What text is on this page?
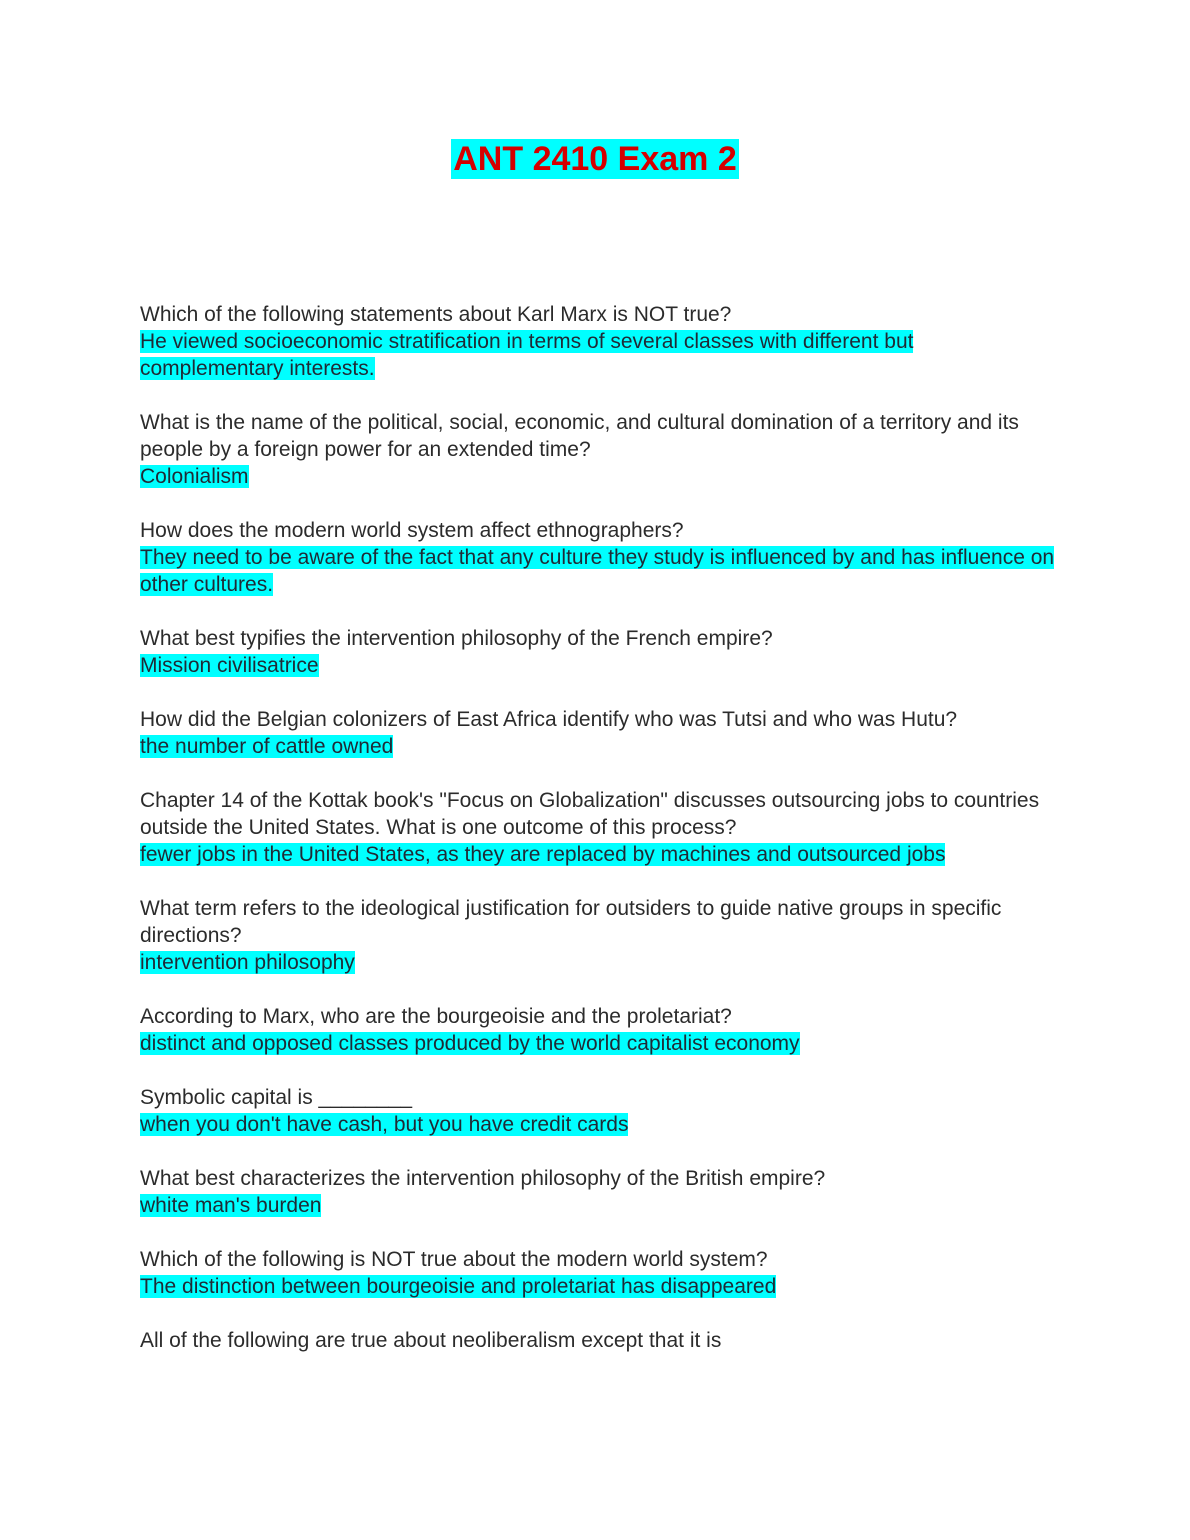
ANT 2410 Exam 2

Which of the following statements about Karl Marx is NOT true?

He viewed socioeconomic stratification in terms of several classes with different but complementary interests.

What is the name of the political, social, economic, and cultural domination of a territory and its people by a foreign power for an extended time?

Colonialism

How does the modern world system affect ethnographers?

They need to be aware of the fact that any culture they study is influenced by and has influence on other cultures.

What best typifies the intervention philosophy of the French empire?

Mission civilisatrice

How did the Belgian colonizers of East Africa identify who was Tutsi and who was Hutu?

the number of cattle owned

Chapter 14 of the Kottak book's "Focus on Globalization" discusses outsourcing jobs to countries outside the United States. What is one outcome of this process?

fewer jobs in the United States, as they are replaced by machines and outsourced jobs

What term refers to the ideological justification for outsiders to guide native groups in specific directions?

intervention philosophy

According to Marx, who are the bourgeoisie and the proletariat?

distinct and opposed classes produced by the world capitalist economy

Symbolic capital is ________

when you don't have cash, but you have credit cards

What best characterizes the intervention philosophy of the British empire?

white man's burden

Which of the following is NOT true about the modern world system?

The distinction between bourgeoisie and proletariat has disappeared

All of the following are true about neoliberalism except that it is
